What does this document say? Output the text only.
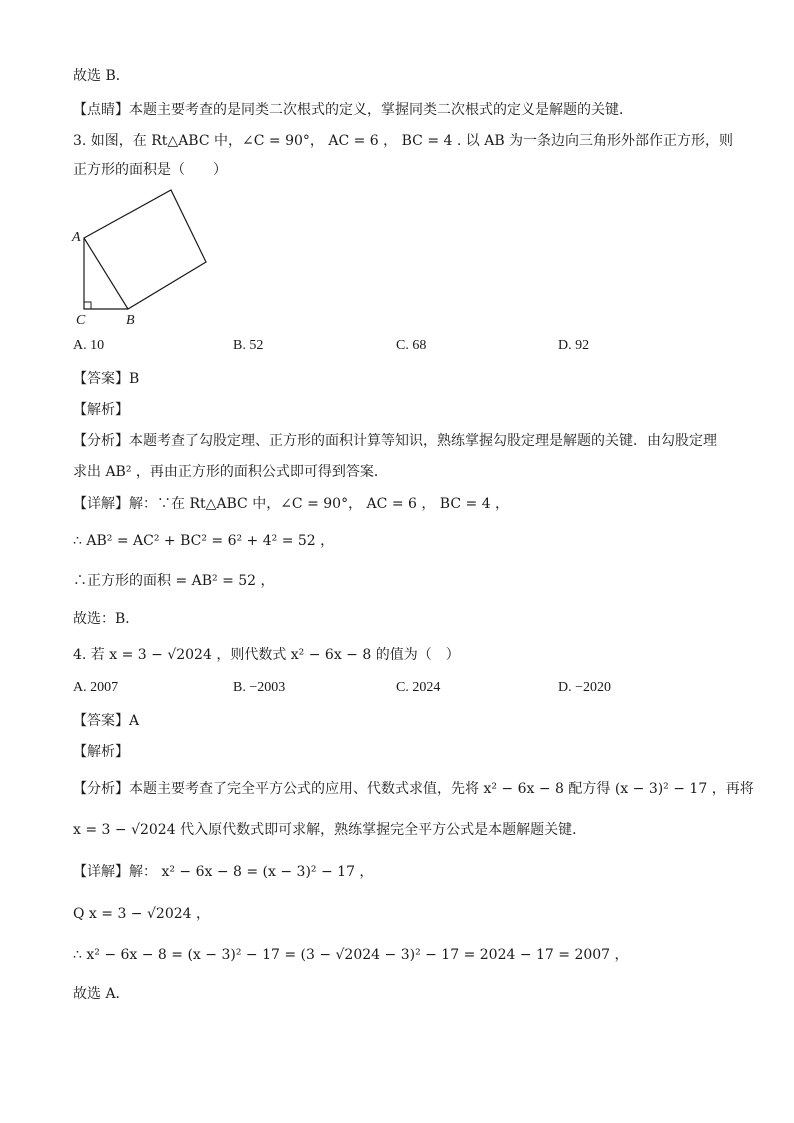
故选 B．
【点睛】本题主要考查的是同类二次根式的定义，掌握同类二次根式的定义是解题的关键．
3. 如图，在 Rt△ABC 中，∠C = 90°， AC = 6 ， BC = 4 . 以 AB 为一条边向三角形外部作正方形，则
正方形的面积是（　　）
A
C	B
A. 10	B. 52	C. 68	D. 92
【答案】B
【解析】
【分析】本题考查了勾股定理、正方形的面积计算等知识，熟练掌握勾股定理是解题的关键．由勾股定理
求出 AB² ，再由正方形的面积公式即可得到答案．
【详解】解：∵在 Rt△ABC 中，∠C = 90°， AC = 6 ， BC = 4 ，
∴ AB² = AC² + BC² = 6² + 4² = 52 ，
∴正方形的面积 = AB² = 52 ，
故选：B．
4. 若 x = 3 − √2024 ，则代数式 x² − 6x − 8 的值为（　）
A. 2007	B. −2003	C. 2024	D. −2020
【答案】A
【解析】
【分析】本题主要考查了完全平方公式的应用、代数式求值，先将 x² − 6x − 8 配方得 (x − 3)² − 17 ，再将
x = 3 − √2024 代入原代数式即可求解，熟练掌握完全平方公式是本题解题关键．
【详解】解： x² − 6x − 8 = (x − 3)² − 17 ，
Q x = 3 − √2024 ，
∴ x² − 6x − 8 = (x − 3)² − 17 = (3 − √2024 − 3)² − 17 = 2024 − 17 = 2007 ，
故选 A．
